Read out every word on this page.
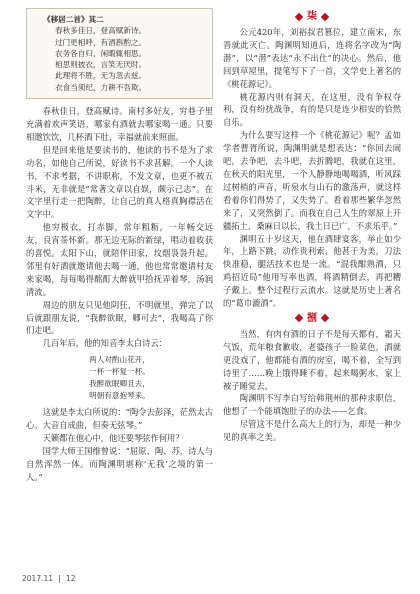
《移居二首》其二
春秋多佳日，登高赋新诗。
过门更相呼，有酒斟酌之。
农务各自归，闲暇辄相思。
相思则披衣，言笑无厌时。
此理将不胜，无为忽去兹。
衣食当须纪，力耕不吾欺。

春秋佳日，登高赋诗。南村多好友，穷巷子里充满着欢声笑语，哪家有酒就去哪家喝一通。只要相邀饮饮，几杯酒下肚，幸福就前来照面。

但是回来他是要读书的，他读的书不是为了求功名，如他自己所说，好读书不求甚解。一个人读书，不求考据，不讲职称，不发文章，也更不被五斗米，无非就是“常著文章以自娱，颇示己志”。在文字里行走一把陶醉，让自己的真人格真胸襟活在文字中。

他穷极衣，打赤脚，常年粗粝，一年畅交远友，良宵茶怀新。那无边无际的新绿，唱动着收获的喜悦。太阳下山，就陪伴田家，坟烟袅袅升起。邻里有好酒就邀请他去喝一通，他也常常邀请村友来家喝，每每喝得酩酊大醉就甲拾抚弄着琴，汤润清流。

周边的朋友只见他阴狂，不明就里，弹完了以后就跟朋友说，“我醉欲眠，卿可去”，我喝高了你们走吧。

几百年后，他的知音李太白诗云：

两人对酌山花开，
一杯一杯复一杯。
我醉欲眠卿且去，
明朝有意抱琴来。

这就是李太白所说的：“陶令去彭泽，茫然太古心。大音自成曲，但奏无弦琴。”

天籁都在他心中，他还要琴弦作何用？

国学大师王国维曾说：“屈原、陶、苏，诗人与自然浑然一体。而陶渊明堪称‘无我’之境的第一人。”

柒

公元420年，刘裕叔君篡位，建立南宋，东晋就此灭亡。陶渊明知道后，连将名字改为“陶潜”，以“潜”表达“永不出仕”的决心。然后，他回到草屋里，提笔写下了一首，文学史上著名的《桃花源记》。

桃花源内则有洞天，在这里，没有争权夺利，没有纷扰战争，有的是只是连少相安的恰然自乐。

为什么要写这样一个《桃花源记》呢？孟如学者曹胥所说，陶渊明就是想表达：“你回去闹吧，去争吧，去斗吧，去折腾吧，我就在这里，在秋天的阳光里，一个人静静地喝喝酒，听风踩过树梢的声音，听泉水与山石的激荡声，就这样看着你们得势了，又失势了。看着那些繁华忽然来了，又突然倒了。而我在自己人生的翠原上开疆拓土，桑麻日以长，我土日已广，不求乐乎。”

渊明五十岁这天，他在酒肆宴客，举止如少年，上路下跳，动作贵利索，他甚于为美，刀法快准稳，腿活技术也是一流。“混我酣熟酒，只鸡招近局”他用写率也酒，将酒精倒去，再把糟子戴上。整个过程行云流水。这就是历史上著名的“葛巾漉酒”。

捌

当然，有肉有酒的日子不是每天都有，霜天气饭，荒年粮食歉收，老婆孩子一脸菜色，酒就更没戏了，他都能有酒的房室，喝不着，全写到诗里了……晚上饿得睡不着，起来喝粥水，家上被子睡觉去。

陶渊明不写李白写给韩荆州的那种求职信，他想了一个能填饱肚子的办法——乞食。

尽管这不是什么高大上的行为，却是一种少见的真率之美。

2017.11 12
